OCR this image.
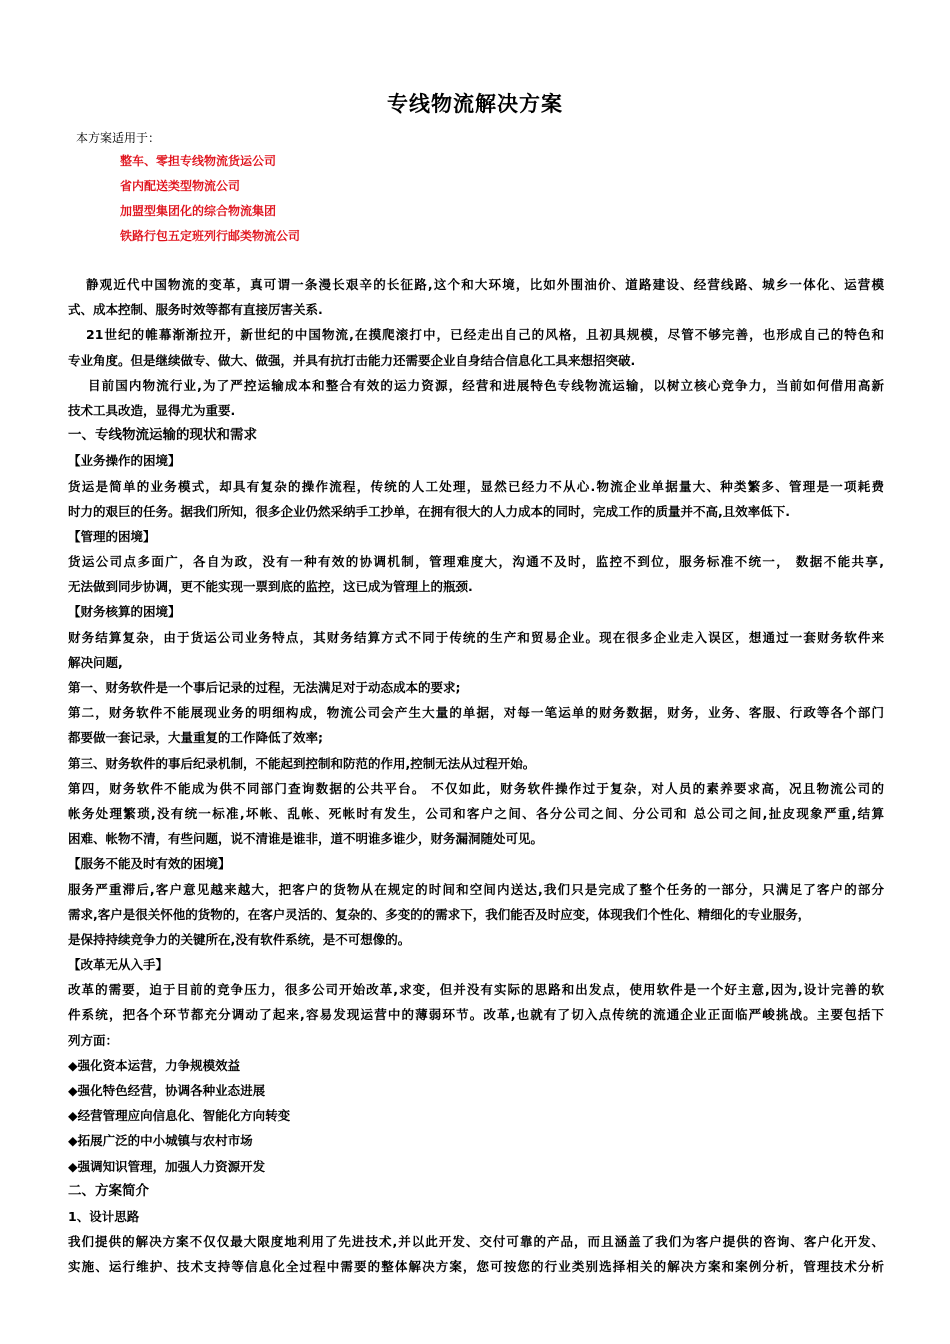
专线物流解决方案
本方案适用于：
整车、零担专线物流货运公司
省内配送类型物流公司
加盟型集团化的综合物流集团
铁路行包五定班列行邮类物流公司
静观近代中国物流的变革，真可谓一条漫长艰辛的长征路,这个和大环境，比如外围油价、道路建设、经营线路、城乡一体化、运营模
式、成本控制、服务时效等都有直接厉害关系.
21世纪的帷幕渐渐拉开，新世纪的中国物流,在摸爬滚打中，已经走出自己的风格，且初具规模，尽管不够完善，也形成自己的特色和
专业角度。但是继续做专、做大、做强，并具有抗打击能力还需要企业自身结合信息化工具来想招突破.
目前国内物流行业,为了严控运输成本和整合有效的运力资源，经营和进展特色专线物流运输，以树立核心竞争力，当前如何借用高新
技术工具改造，显得尤为重要.
一、专线物流运输的现状和需求
【业务操作的困境】
货运是简单的业务模式，却具有复杂的操作流程，传统的人工处理，显然已经力不从心.物流企业单据量大、种类繁多、管理是一项耗费
时力的艰巨的任务。据我们所知，很多企业仍然采纳手工抄单，在拥有很大的人力成本的同时，完成工作的质量并不高,且效率低下.
【管理的困境】
货运公司点多面广，各自为政，没有一种有效的协调机制，管理难度大，沟通不及时，监控不到位，服务标准不统一， 数据不能共享,
无法做到同步协调，更不能实现一票到底的监控，这已成为管理上的瓶颈.
【财务核算的困境】
财务结算复杂，由于货运公司业务特点，其财务结算方式不同于传统的生产和贸易企业。现在很多企业走入误区，想通过一套财务软件来
解决问题,
第一、财务软件是一个事后记录的过程，无法满足对于动态成本的要求;
第二，财务软件不能展现业务的明细构成，物流公司会产生大量的单据，对每一笔运单的财务数据，财务，业务、客服、行政等各个部门
都要做一套记录，大量重复的工作降低了效率;
第三、财务软件的事后纪录机制，不能起到控制和防范的作用,控制无法从过程开始。
第四，财务软件不能成为供不同部门查询数据的公共平台。 不仅如此，财务软件操作过于复杂，对人员的素养要求高，况且物流公司的
帐务处理繁琐,没有统一标准,坏帐、乱帐、死帐时有发生，公司和客户之间、各分公司之间、分公司和 总公司之间,扯皮现象严重,结算
困难、帐物不清，有些问题，说不清谁是谁非，道不明谁多谁少，财务漏洞随处可见。
【服务不能及时有效的困境】
服务严重滞后,客户意见越来越大，把客户的货物从在规定的时间和空间内送达,我们只是完成了整个任务的一部分，只满足了客户的部分
需求,客户是很关怀他的货物的，在客户灵活的、复杂的、多变的的需求下，我们能否及时应变，体现我们个性化、精细化的专业服务，
是保持持续竞争力的关键所在,没有软件系统，是不可想像的。
【改革无从入手】
改革的需要，迫于目前的竞争压力，很多公司开始改革,求变，但并没有实际的思路和出发点，使用软件是一个好主意,因为,设计完善的软
件系统，把各个环节都充分调动了起来,容易发现运营中的薄弱环节。改革,也就有了切入点传统的流通企业正面临严峻挑战。主要包括下
列方面：
◆强化资本运营，力争规模效益
◆强化特色经营，协调各种业态进展
◆经营管理应向信息化、智能化方向转变
◆拓展广泛的中小城镇与农村市场
◆强调知识管理，加强人力资源开发
二、方案简介
1、设计思路
我们提供的解决方案不仅仅最大限度地利用了先进技术,并以此开发、交付可靠的产品，而且涵盖了我们为客户提供的咨询、客户化开发、
实施、运行维护、技术支持等信息化全过程中需要的整体解决方案，您可按您的行业类别选择相关的解决方案和案例分析，管理技术分析
